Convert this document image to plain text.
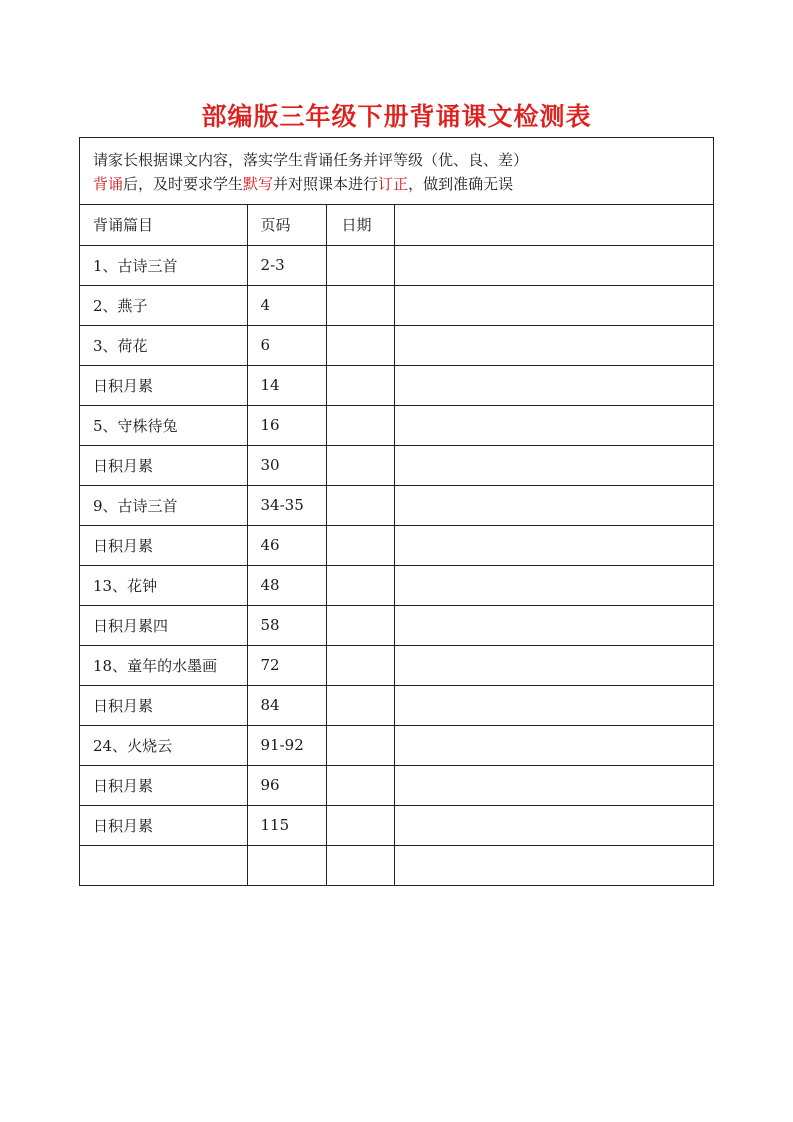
部编版三年级下册背诵课文检测表
请家长根据课文内容，落实学生背诵任务并评等级（优、良、差）
背诵后，及时要求学生默写并对照课本进行订正，做到准确无误
背诵篇目	页码	日期	
1、古诗三首	2-3		
2、燕子	4		
3、荷花	6		
日积月累	14		
5、守株待兔	16		
日积月累	30		
9、古诗三首	34-35		
日积月累	46		
13、花钟	48		
日积月累四	58		
18、童年的水墨画	72		
日积月累	84		
24、火烧云	91-92		
日积月累	96		
日积月累	115		
